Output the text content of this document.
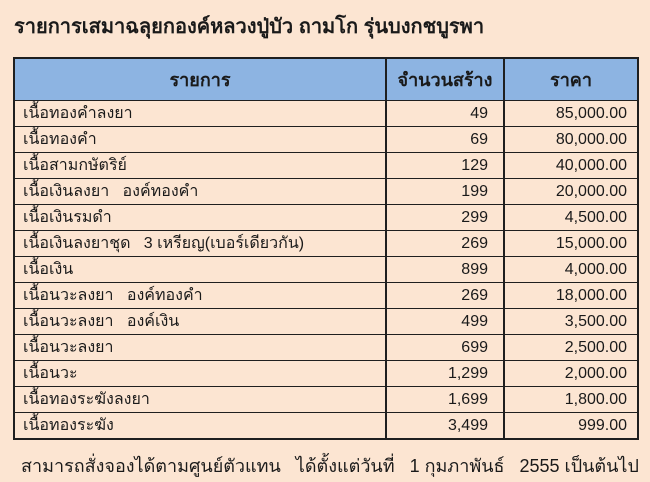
รายการเสมาฉลุยกองค์หลวงปู่บัว ถามโก รุ่นบงกชบูรพา
รายการ	จำนวนสร้าง	ราคา
เนื้อทองคำลงยา	49	85,000.00
เนื้อทองคำ	69	80,000.00
เนื้อสามกษัตริย์	129	40,000.00
เนื้อเงินลงยา   องค์ทองคำ	199	20,000.00
เนื้อเงินรมดำ	299	4,500.00
เนื้อเงินลงยาชุด   3 เหรียญ(เบอร์เดียวกัน)	269	15,000.00
เนื้อเงิน	899	4,000.00
เนื้อนวะลงยา   องค์ทองคำ	269	18,000.00
เนื้อนวะลงยา   องค์เงิน	499	3,500.00
เนื้อนวะลงยา	699	2,500.00
เนื้อนวะ	1,299	2,000.00
เนื้อทองระฆังลงยา	1,699	1,800.00
เนื้อทองระฆัง	3,499	999.00
สามารถสั่งจองได้ตามศูนย์ตัวแทน   ได้ตั้งแต่วันที่   1 กุมภาพันธ์   2555 เป็นต้นไป
